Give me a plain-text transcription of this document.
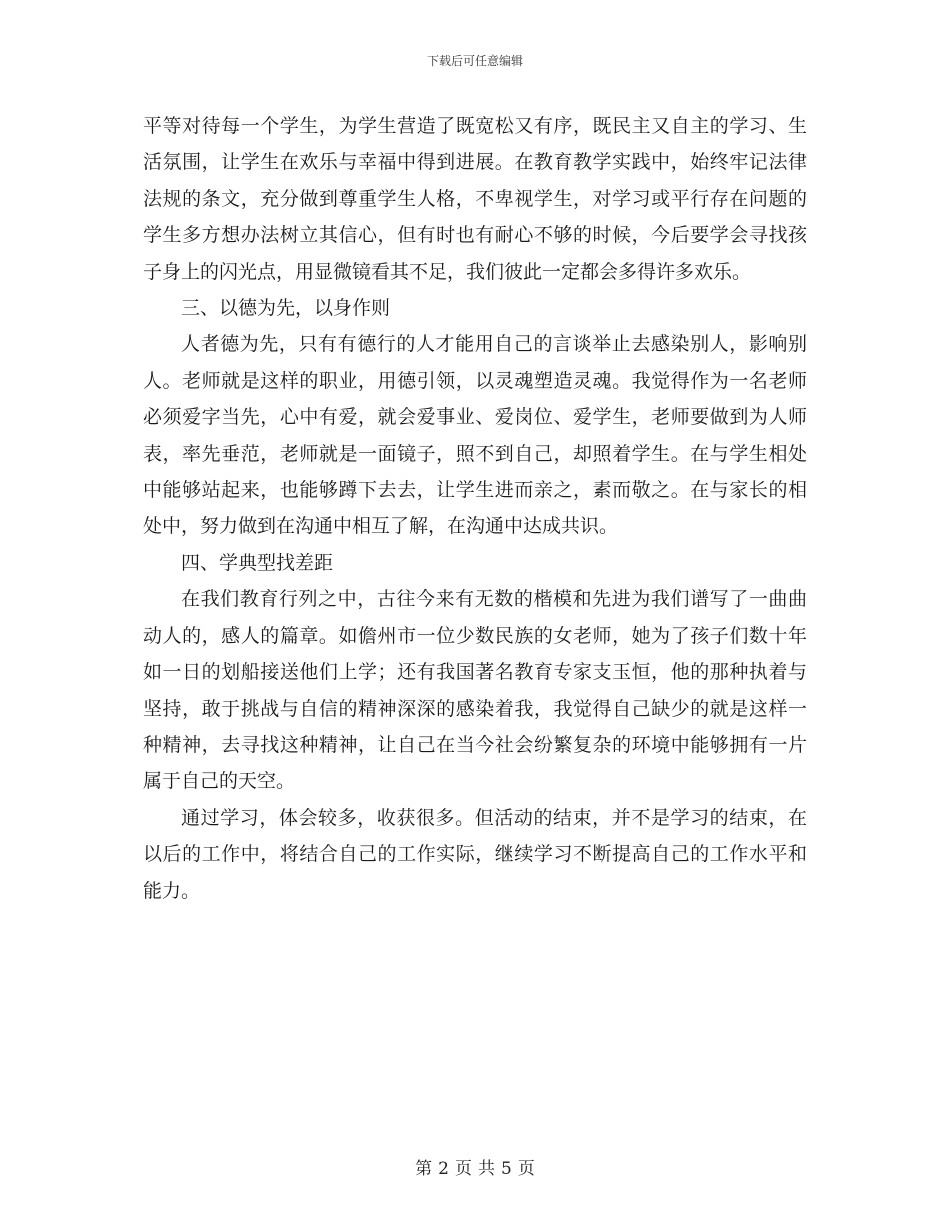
下载后可任意编辑

平等对待每一个学生，为学生营造了既宽松又有序，既民主又自主的学习、生活氛围，让学生在欢乐与幸福中得到进展。在教育教学实践中，始终牢记法律法规的条文，充分做到尊重学生人格，不卑视学生，对学习或平行存在问题的学生多方想办法树立其信心，但有时也有耐心不够的时候，今后要学会寻找孩子身上的闪光点，用显微镜看其不足，我们彼此一定都会多得许多欢乐。

三、以德为先，以身作则

人者德为先，只有有德行的人才能用自己的言谈举止去感染别人，影响别人。老师就是这样的职业，用德引领，以灵魂塑造灵魂。我觉得作为一名老师必须爱字当先，心中有爱，就会爱事业、爱岗位、爱学生，老师要做到为人师表，率先垂范，老师就是一面镜子，照不到自己，却照着学生。在与学生相处中能够站起来，也能够蹲下去去，让学生进而亲之，素而敬之。在与家长的相处中，努力做到在沟通中相互了解，在沟通中达成共识。

四、学典型找差距

在我们教育行列之中，古往今来有无数的楷模和先进为我们谱写了一曲曲动人的，感人的篇章。如儋州市一位少数民族的女老师，她为了孩子们数十年如一日的划船接送他们上学；还有我国著名教育专家支玉恒，他的那种执着与坚持，敢于挑战与自信的精神深深的感染着我，我觉得自己缺少的就是这样一种精神，去寻找这种精神，让自己在当今社会纷繁复杂的环境中能够拥有一片属于自己的天空。

通过学习，体会较多，收获很多。但活动的结束，并不是学习的结束，在以后的工作中，将结合自己的工作实际，继续学习不断提高自己的工作水平和能力。

第 2 页 共 5 页
